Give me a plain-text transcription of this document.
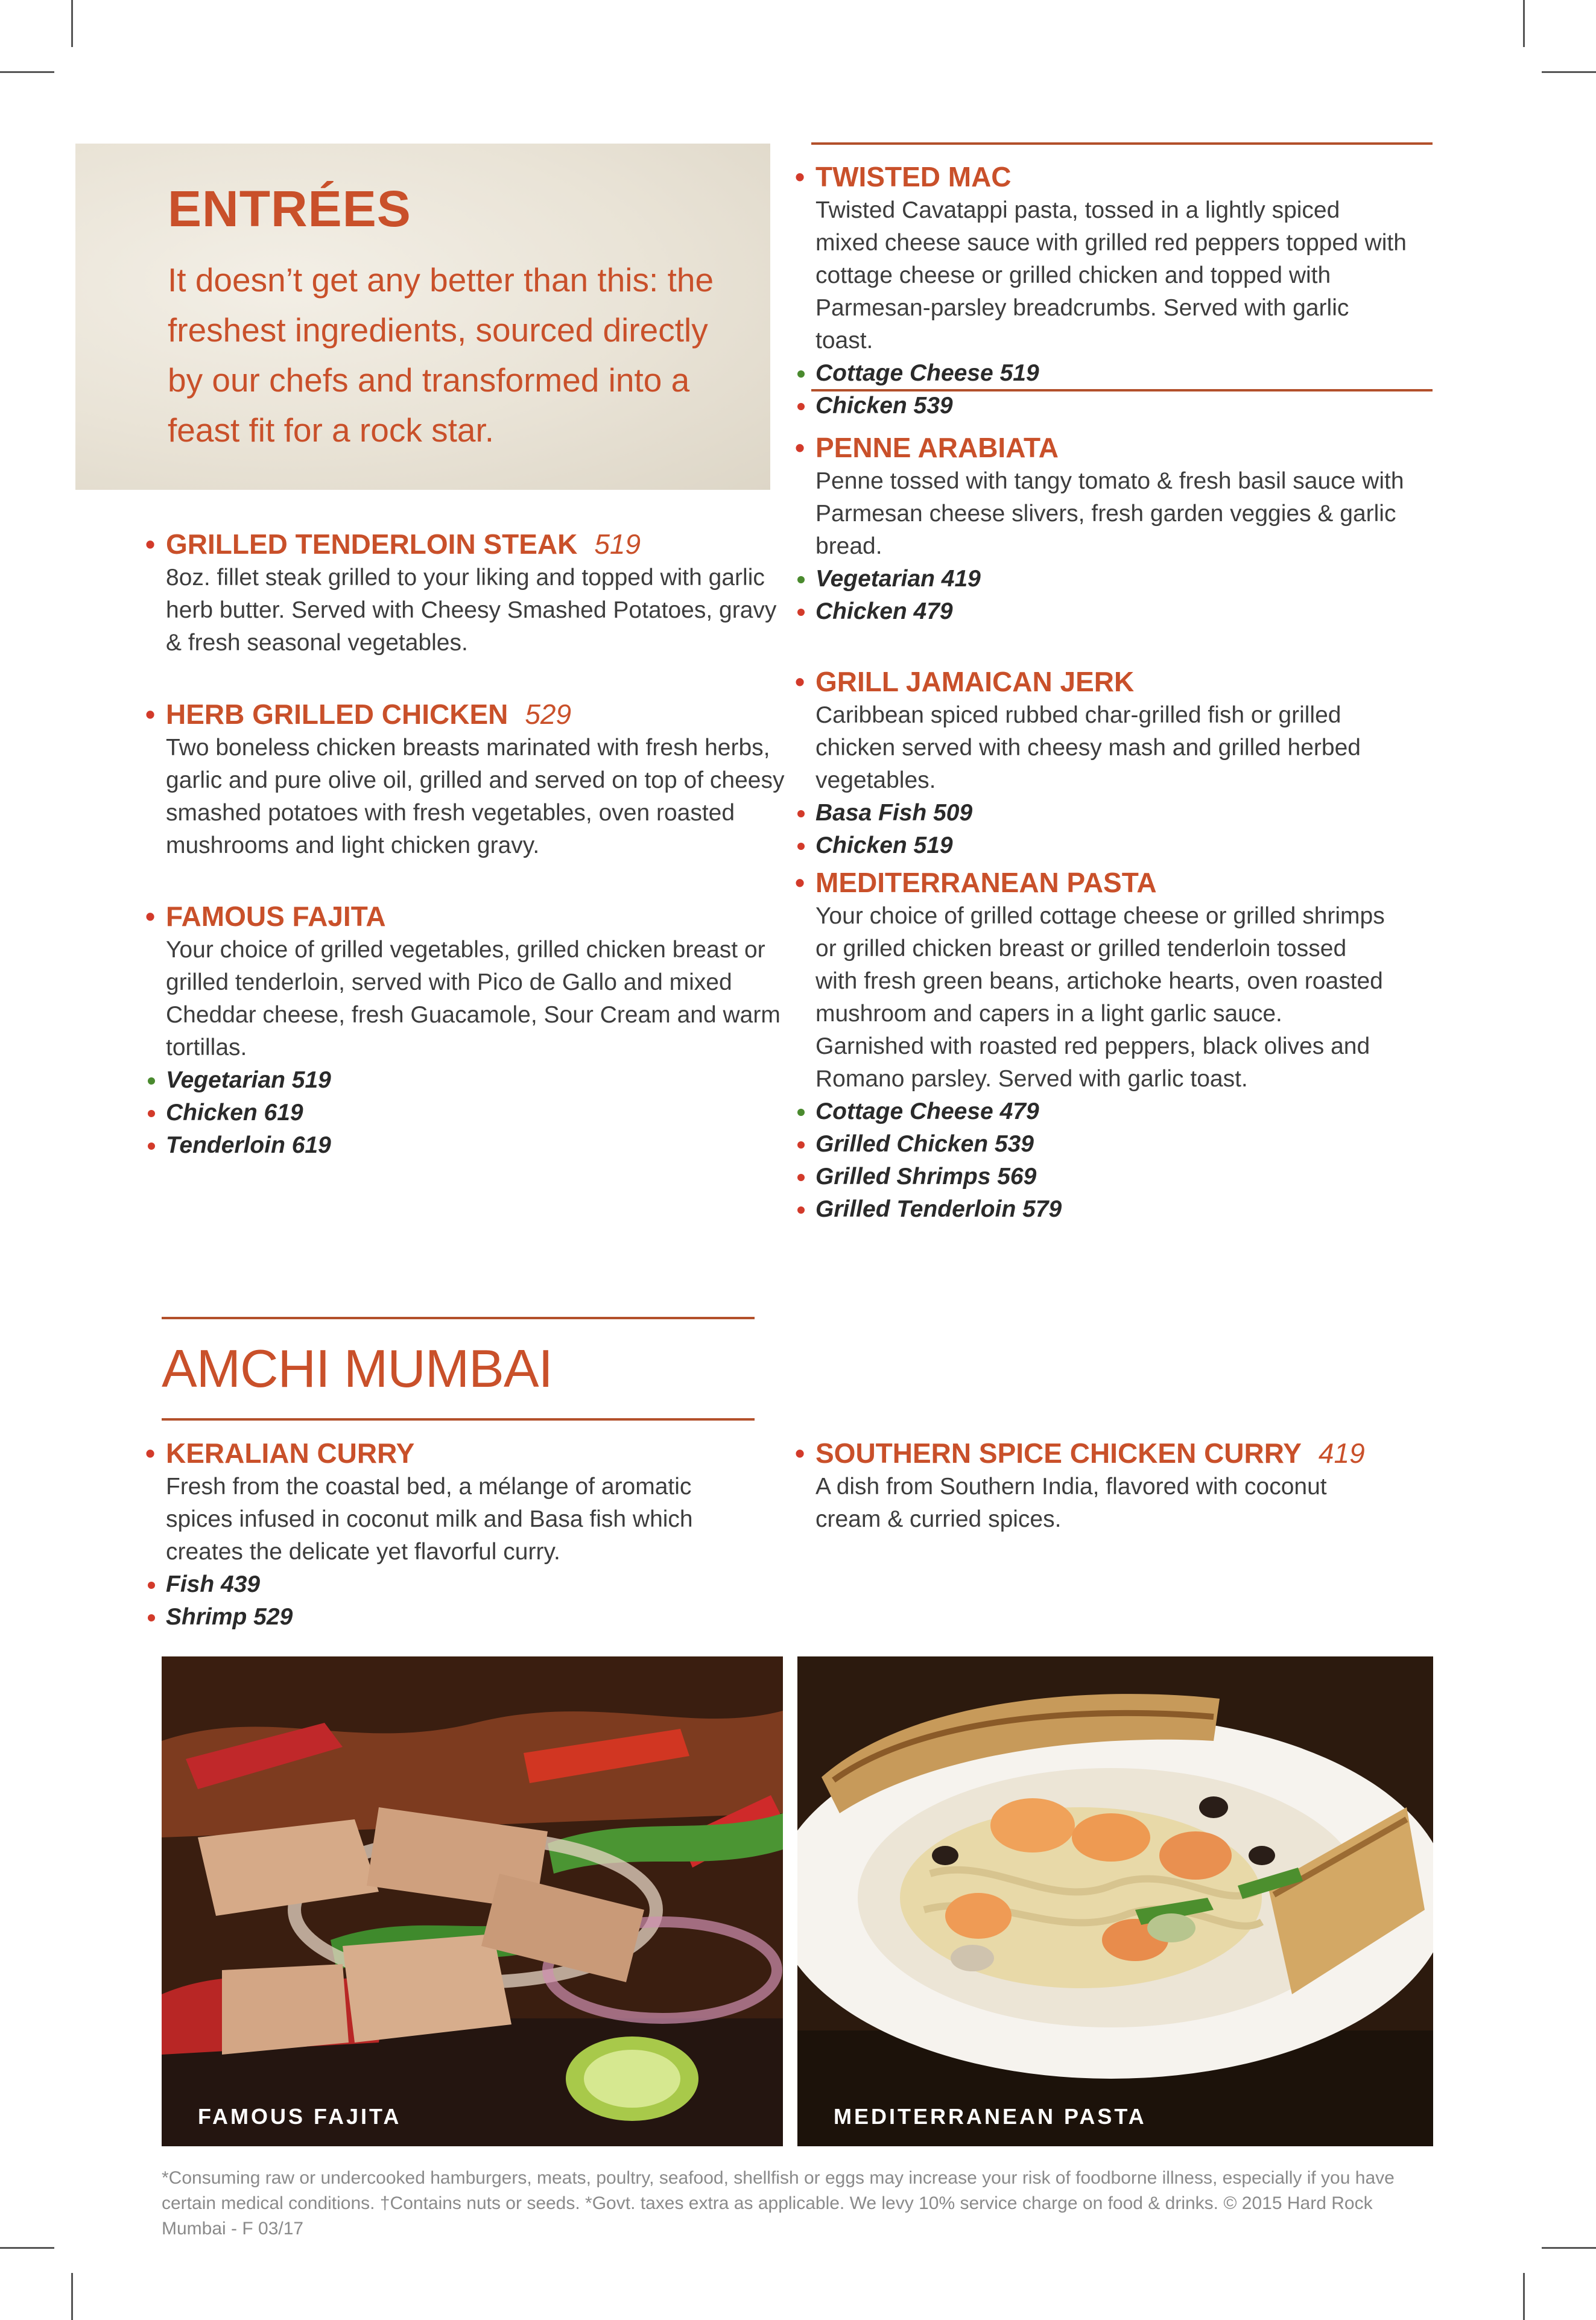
ENTRÉES

It doesn’t get any better than this: the freshest ingredients, sourced directly by our chefs and transformed into a feast fit for a rock star.

• GRILLED TENDERLOIN STEAK 519
8oz. fillet steak grilled to your liking and topped with garlic herb butter. Served with Cheesy Smashed Potatoes, gravy & fresh seasonal vegetables.
• HERB GRILLED CHICKEN 529
Two boneless chicken breasts marinated with fresh herbs, garlic and pure olive oil, grilled and served on top of cheesy smashed potatoes with fresh vegetables, oven roasted mushrooms and light chicken gravy.
• FAMOUS FAJITA
Your choice of grilled vegetables, grilled chicken breast or grilled tenderloin, served with Pico de Gallo and mixed Cheddar cheese, fresh Guacamole, Sour Cream and warm tortillas.
Vegetarian 519
Chicken 619
Tenderloin 619
• TWISTED MAC
Twisted Cavatappi pasta, tossed in a lightly spiced mixed cheese sauce with grilled red peppers topped with cottage cheese or grilled chicken and topped with Parmesan-parsley breadcrumbs. Served with garlic toast.
Cottage Cheese 519
Chicken 539
• PENNE ARABIATA
Penne tossed with tangy tomato & fresh basil sauce with Parmesan cheese slivers, fresh garden veggies & garlic bread.
Vegetarian 419
Chicken 479
• GRILL JAMAICAN JERK
Caribbean spiced rubbed char-grilled fish or grilled chicken served with cheesy mash and grilled herbed vegetables.
Basa Fish 509
Chicken 519
• MEDITERRANEAN PASTA
Your choice of grilled cottage cheese or grilled shrimps or grilled chicken breast or grilled tenderloin tossed with fresh green beans, artichoke hearts, oven roasted mushroom and capers in a light garlic sauce. Garnished with roasted red peppers, black olives and Romano parsley. Served with garlic toast.
Cottage Cheese 479
Grilled Chicken 539
Grilled Shrimps 569
Grilled Tenderloin 579
AMCHI MUMBAI
• KERALIAN CURRY
Fresh from the coastal bed, a mélange of aromatic spices infused in coconut milk and Basa fish which creates the delicate yet flavorful curry.
Fish 439
Shrimp 529
• SOUTHERN SPICE CHICKEN CURRY 419
A dish from Southern India, flavored with coconut cream & curried spices.
FAMOUS FAJITA	MEDITERRANEAN PASTA
*Consuming raw or undercooked hamburgers, meats, poultry, seafood, shellfish or eggs may increase your risk of foodborne illness, especially if you have certain medical conditions. †Contains nuts or seeds. *Govt. taxes extra as applicable. We levy 10% service charge on food & drinks. © 2015 Hard Rock Mumbai - F 03/17
